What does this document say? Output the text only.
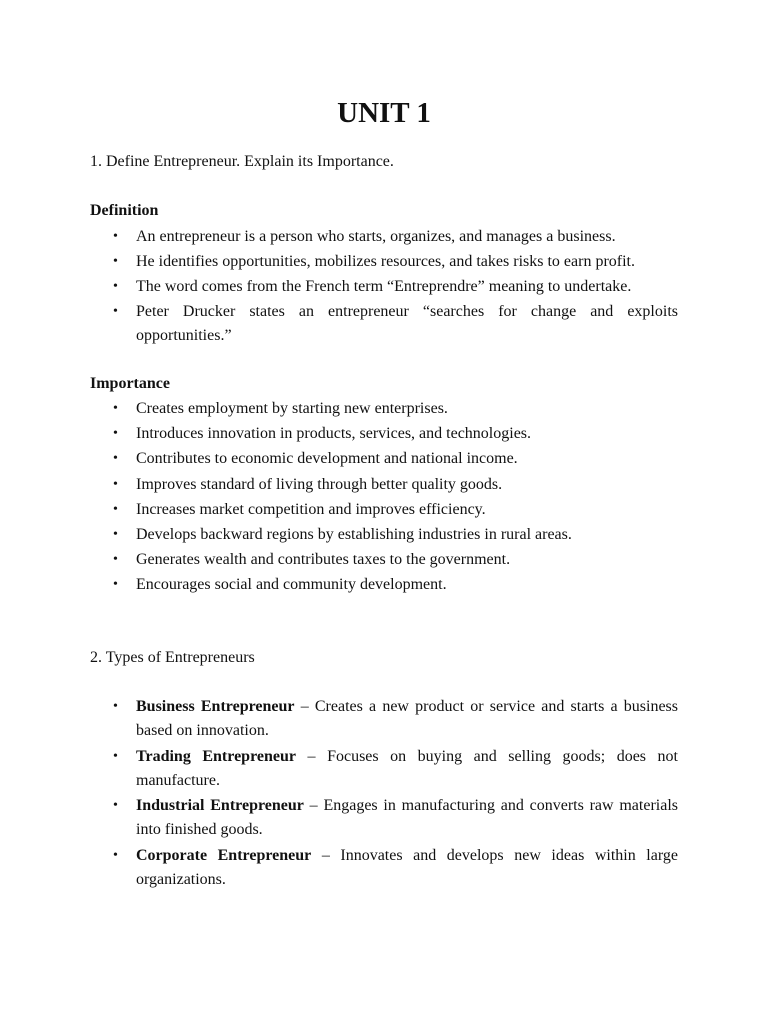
UNIT 1
1. Define Entrepreneur. Explain its Importance.
Definition
• An entrepreneur is a person who starts, organizes, and manages a business.
• He identifies opportunities, mobilizes resources, and takes risks to earn profit.
• The word comes from the French term “Entreprendre” meaning to undertake.
• Peter Drucker states an entrepreneur “searches for change and exploits opportunities.”
Importance
• Creates employment by starting new enterprises.
• Introduces innovation in products, services, and technologies.
• Contributes to economic development and national income.
• Improves standard of living through better quality goods.
• Increases market competition and improves efficiency.
• Develops backward regions by establishing industries in rural areas.
• Generates wealth and contributes taxes to the government.
• Encourages social and community development.
2. Types of Entrepreneurs
• Business Entrepreneur – Creates a new product or service and starts a business based on innovation.
• Trading Entrepreneur – Focuses on buying and selling goods; does not manufacture.
• Industrial Entrepreneur – Engages in manufacturing and converts raw materials into finished goods.
• Corporate Entrepreneur – Innovates and develops new ideas within large organizations.
